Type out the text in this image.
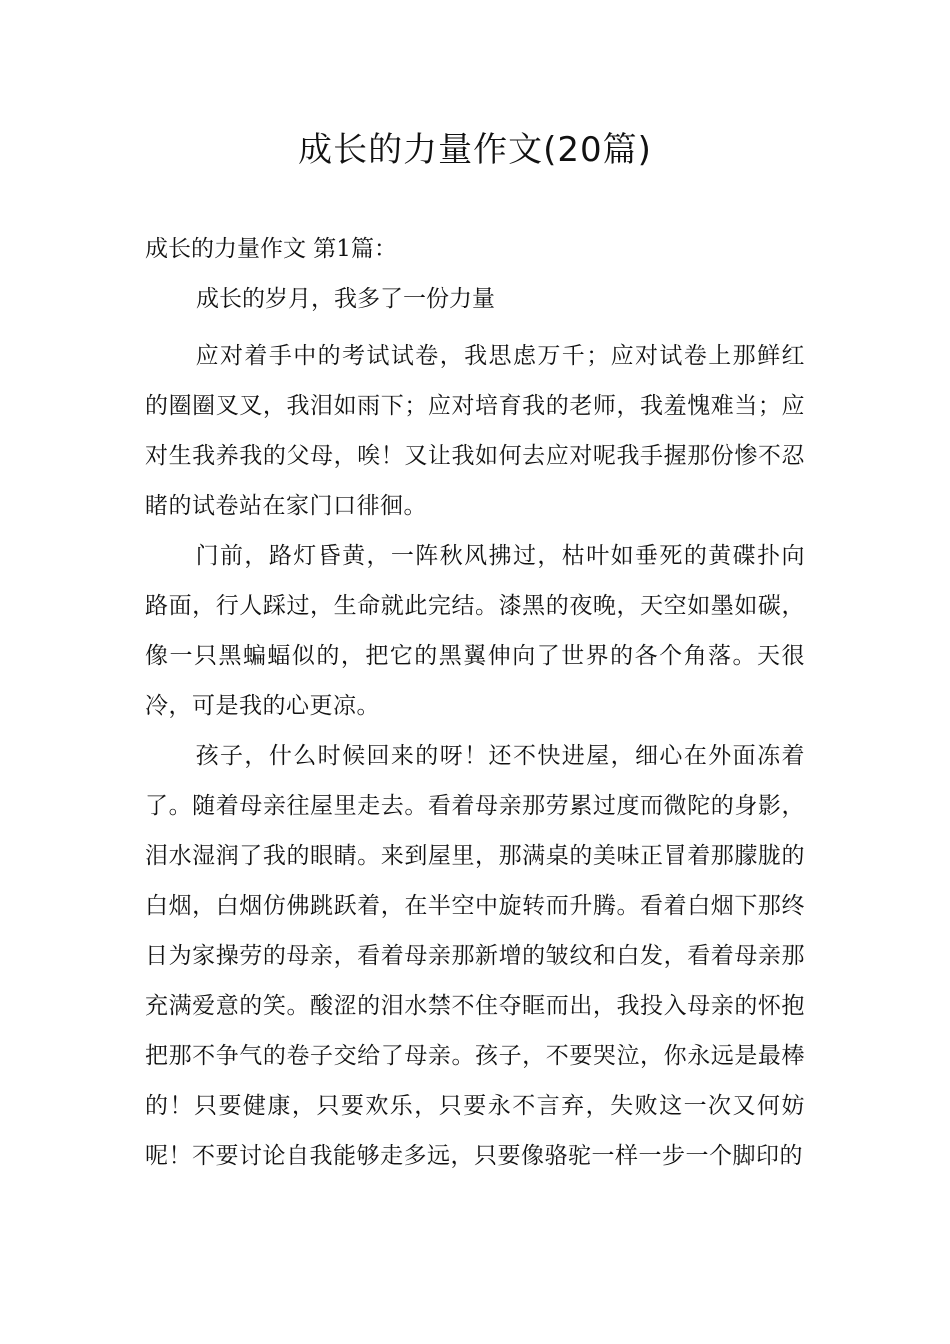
成长的力量作文(20篇)

成长的力量作文 第1篇：

成长的岁月，我多了一份力量

应对着手中的考试试卷，我思虑万千；应对试卷上那鲜红的圈圈叉叉，我泪如雨下；应对培育我的老师，我羞愧难当；应对生我养我的父母，唉！又让我如何去应对呢我手握那份惨不忍睹的试卷站在家门口徘徊。

门前，路灯昏黄，一阵秋风拂过，枯叶如垂死的黄碟扑向路面，行人踩过，生命就此完结。漆黑的夜晚，天空如墨如碳，像一只黑蝙蝠似的，把它的黑翼伸向了世界的各个角落。天很冷，可是我的心更凉。

孩子，什么时候回来的呀！还不快进屋，细心在外面冻着了。随着母亲往屋里走去。看着母亲那劳累过度而微陀的身影，泪水湿润了我的眼睛。来到屋里，那满桌的美味正冒着那朦胧的白烟，白烟仿佛跳跃着，在半空中旋转而升腾。看着白烟下那终日为家操劳的母亲，看着母亲那新增的皱纹和白发，看着母亲那充满爱意的笑。酸涩的泪水禁不住夺眶而出，我投入母亲的怀抱把那不争气的卷子交给了母亲。孩子，不要哭泣，你永远是最棒的！只要健康，只要欢乐，只要永不言弃，失败这一次又何妨呢！不要讨论自我能够走多远，只要像骆驼一样一步一个脚印的
